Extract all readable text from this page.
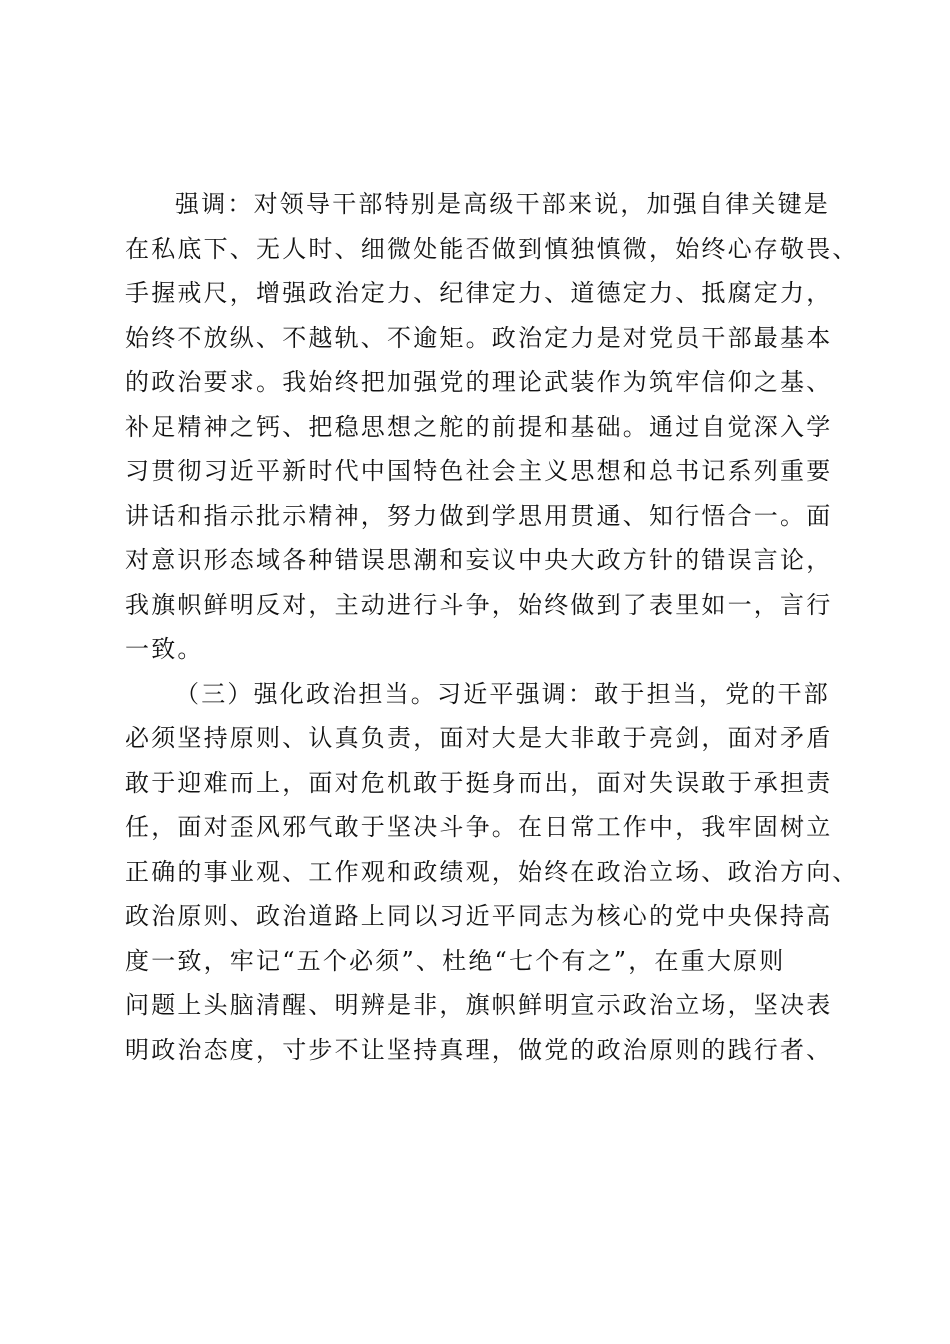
强调：对领导干部特别是高级干部来说，加强自律关键是
在私底下、无人时、细微处能否做到慎独慎微，始终心存敬畏、
手握戒尺，增强政治定力、纪律定力、道德定力、抵腐定力，
始终不放纵、不越轨、不逾矩。政治定力是对党员干部最基本
的政治要求。我始终把加强党的理论武装作为筑牢信仰之基、
补足精神之钙、把稳思想之舵的前提和基础。通过自觉深入学
习贯彻习近平新时代中国特色社会主义思想和总书记系列重要
讲话和指示批示精神，努力做到学思用贯通、知行悟合一。面
对意识形态域各种错误思潮和妄议中央大政方针的错误言论，
我旗帜鲜明反对，主动进行斗争，始终做到了表里如一，言行
一致。
（三）强化政治担当。习近平强调：敢于担当，党的干部
必须坚持原则、认真负责，面对大是大非敢于亮剑，面对矛盾
敢于迎难而上，面对危机敢于挺身而出，面对失误敢于承担责
任，面对歪风邪气敢于坚决斗争。在日常工作中，我牢固树立
正确的事业观、工作观和政绩观，始终在政治立场、政治方向、
政治原则、政治道路上同以习近平同志为核心的党中央保持高
度一致，牢记“五个必须”、杜绝“七个有之”，在重大原则
问题上头脑清醒、明辨是非，旗帜鲜明宣示政治立场，坚决表
明政治态度，寸步不让坚持真理，做党的政治原则的践行者、
